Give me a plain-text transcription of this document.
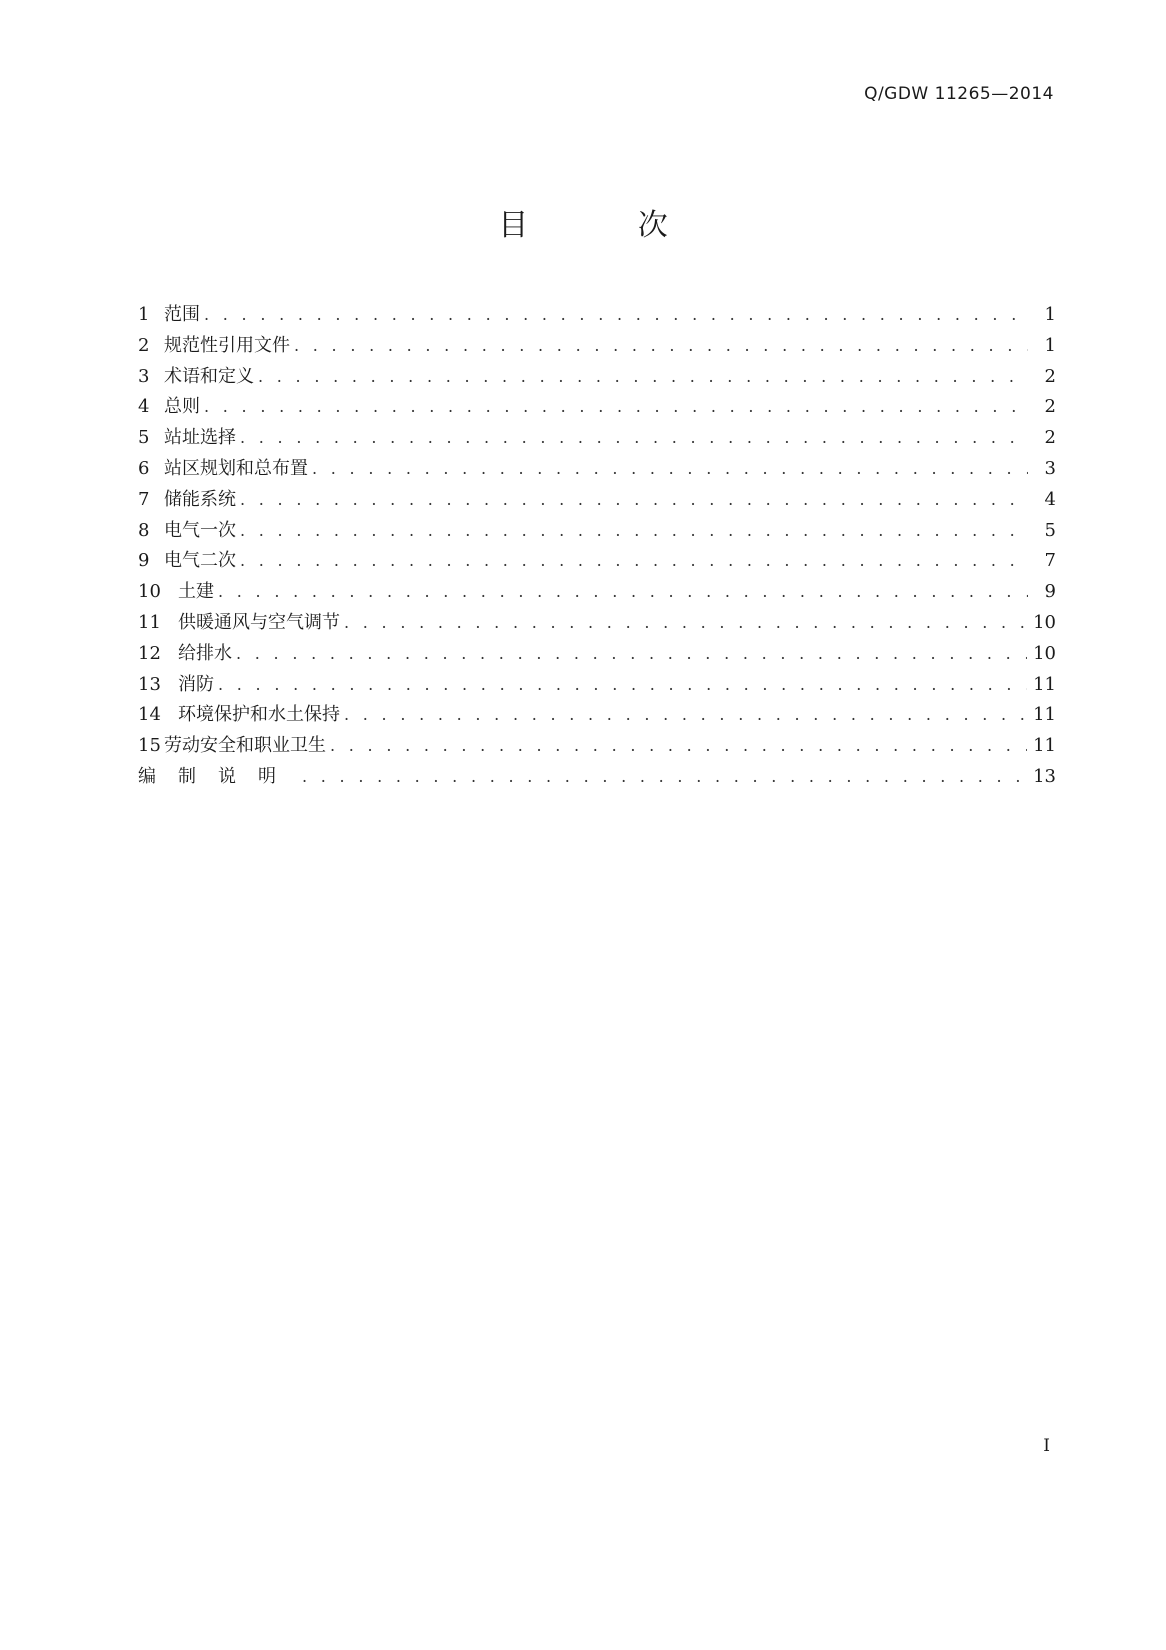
Q/GDW 11265—2014
目 次
1 范围 . . .	1
2 规范性引用文件 . . .	1
3 术语和定义 . . .	2
4 总则 . . .	2
5 站址选择 . . .	2
6 站区规划和总布置 . . .	3
7 储能系统 . . .	4
8 电气一次 . . .	5
9 电气二次 . . .	7
10 土建 . . .	9
11 供暖通风与空气调节 . . .	10
12 给排水 . . .	10
13 消防 . . .	11
14 环境保护和水土保持 . . .	11
15 劳动安全和职业卫生 . . .	11
编制说明 . . .	13
I
